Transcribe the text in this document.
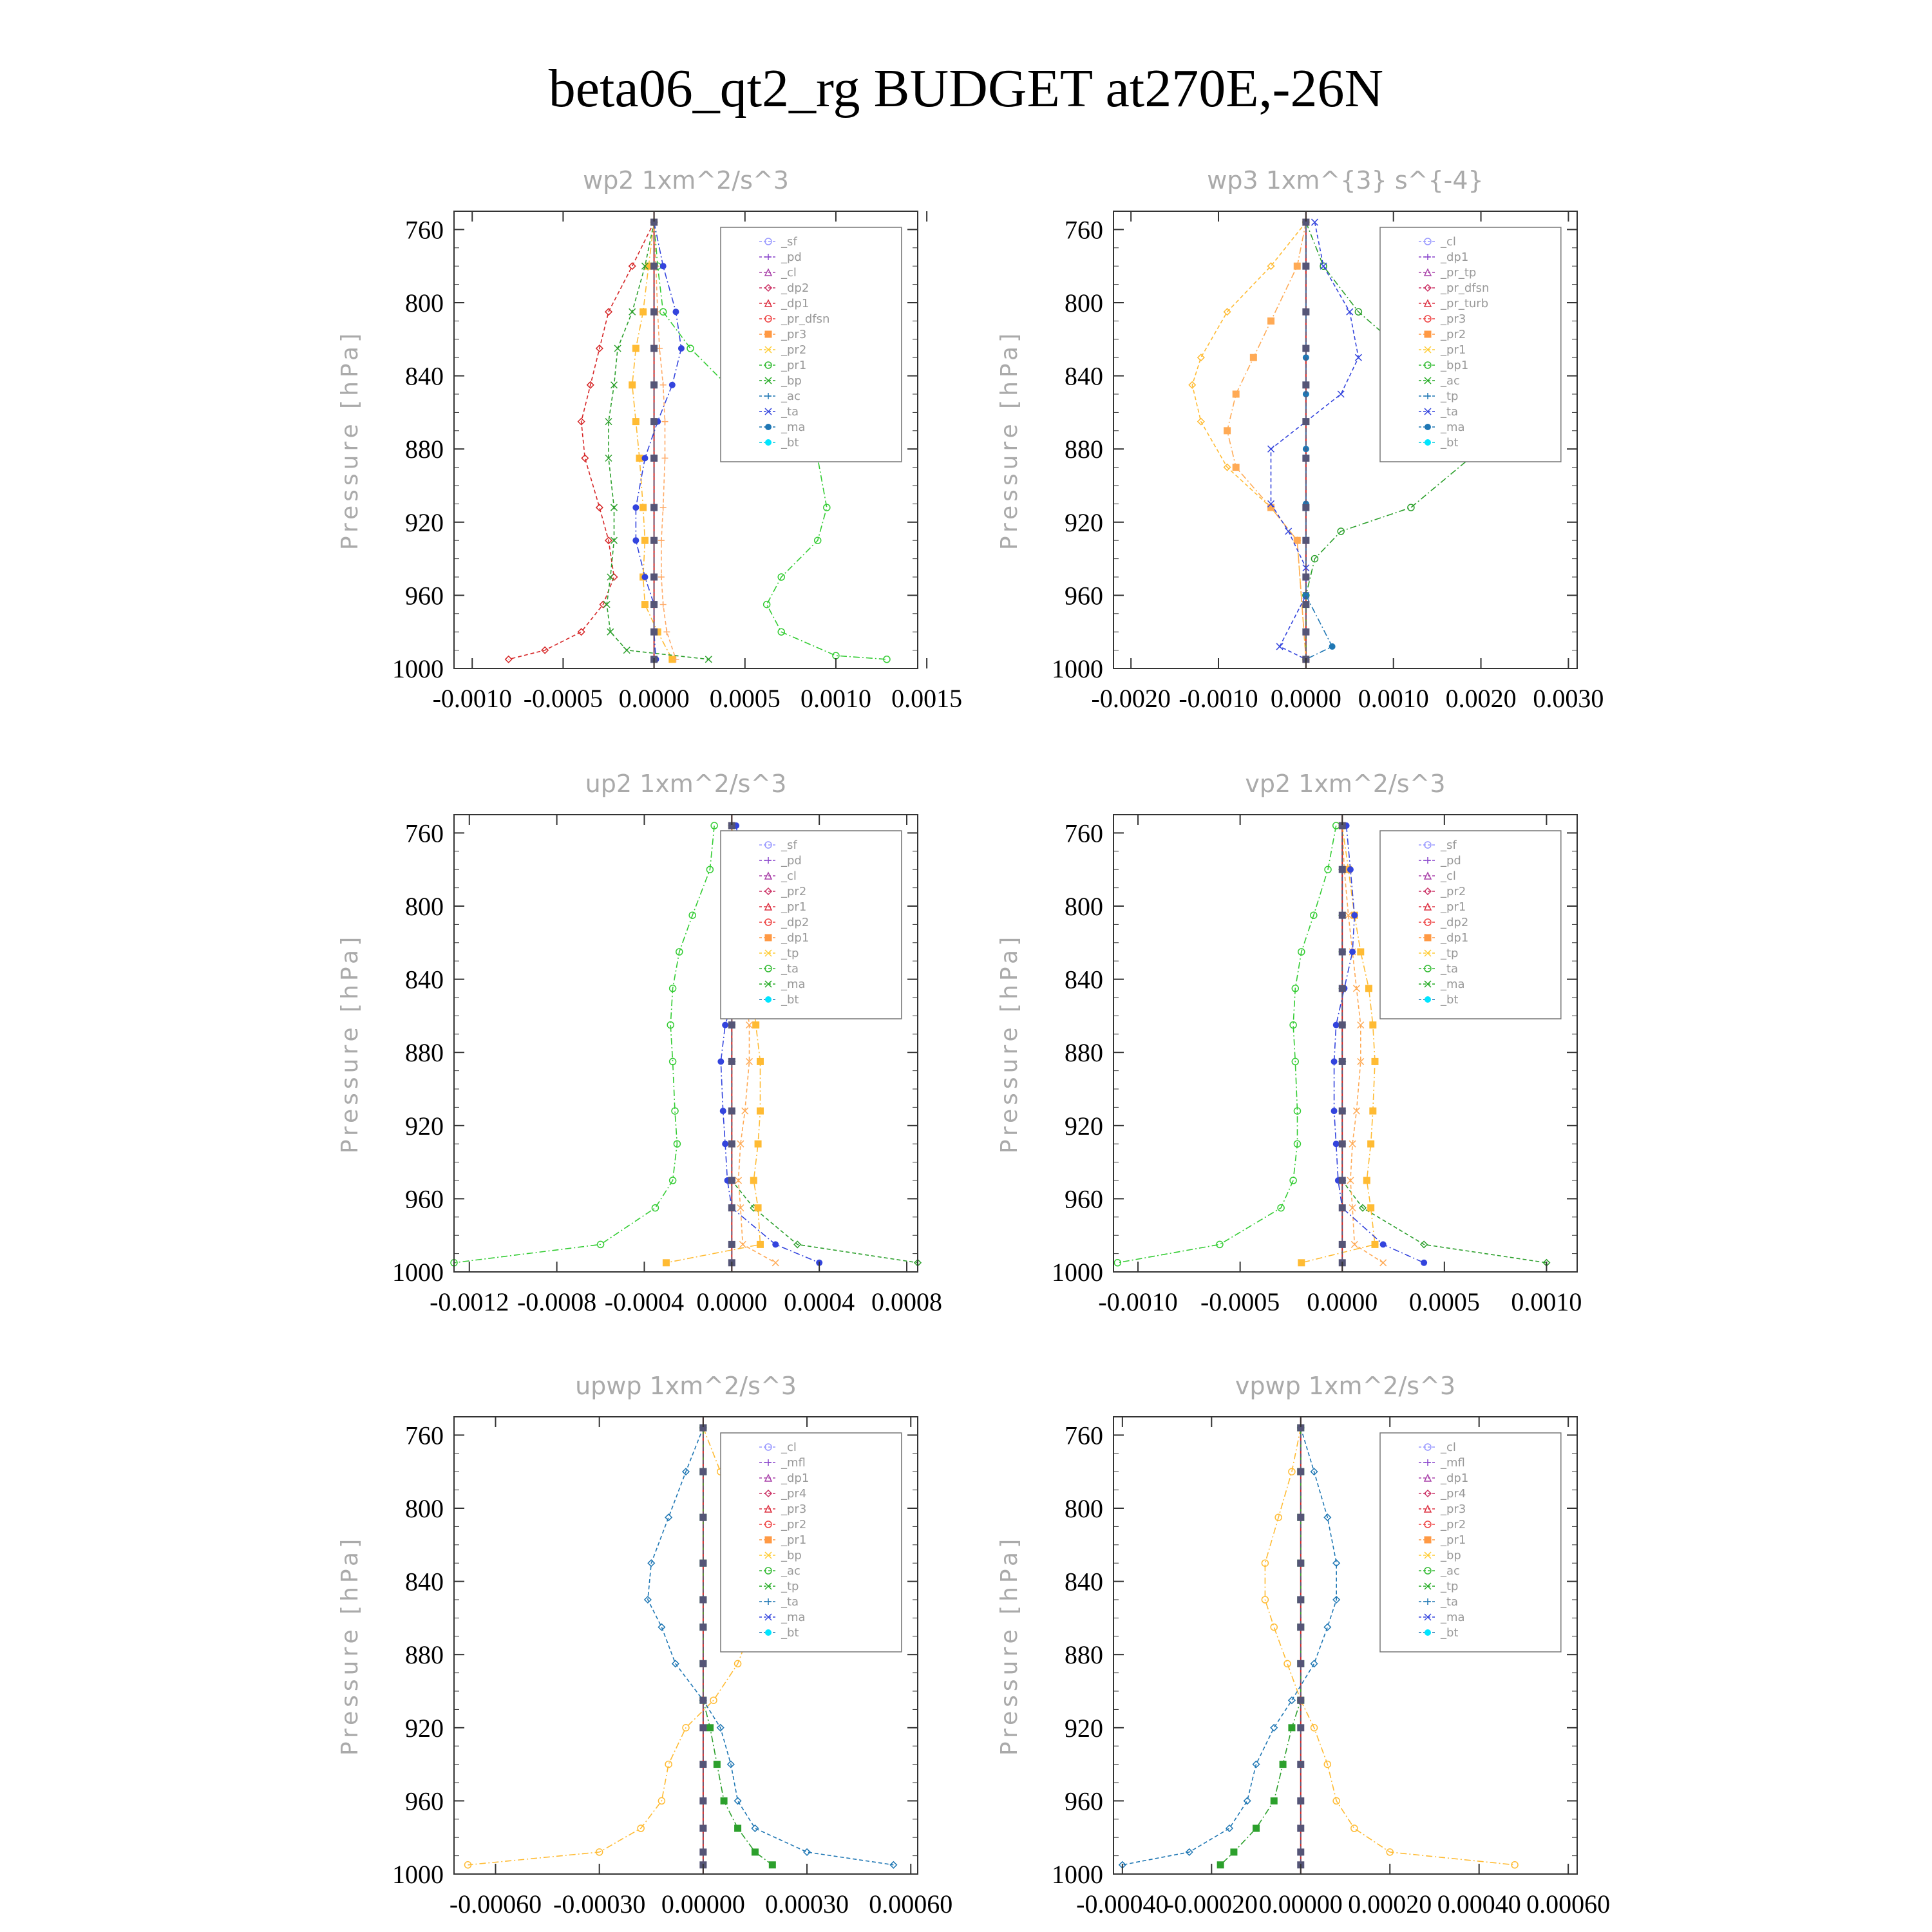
beta06_qt2_rg BUDGET at270E,-26N
wp2 1xm^2/s^3
Pressure [hPa]
760
800
840
880
920
960
1000
-0.0010 -0.0005 0.0000 0.0005 0.0010 0.0015
_sf
_pd
_cl
_dp2
_dp1
_pr_dfsn
_pr3
_pr2
_pr1
_bp
_ac
_ta
_ma
_bt
wp3 1xm^{3} s^{-4}
Pressure [hPa]
760
800
840
880
920
960
1000
-0.0020 -0.0010 0.0000 0.0010 0.0020 0.0030
_cl
_dp1
_pr_tp
_pr_dfsn
_pr_turb
_pr3
_pr2
_pr1
_bp1
_ac
_tp
_ta
_ma
_bt
up2 1xm^2/s^3
Pressure [hPa]
760
800
840
880
920
960
1000
-0.0012 -0.0008 -0.0004 0.0000 0.0004 0.0008
_sf
_pd
_cl
_pr2
_pr1
_dp2
_dp1
_tp
_ta
_ma
_bt
vp2 1xm^2/s^3
Pressure [hPa]
760
800
840
880
920
960
1000
-0.0010 -0.0005 0.0000 0.0005 0.0010
_sf
_pd
_cl
_pr2
_pr1
_dp2
_dp1
_tp
_ta
_ma
_bt
upwp 1xm^2/s^3
Pressure [hPa]
760
800
840
880
920
960
1000
-0.00060 -0.00030 0.00000 0.00030 0.00060
_cl
_mfl
_dp1
_pr4
_pr3
_pr2
_pr1
_bp
_ac
_tp
_ta
_ma
_bt
vpwp 1xm^2/s^3
Pressure [hPa]
760
800
840
880
920
960
1000
-0.00040
-0.00020 0.00000 0.00020 0.00040 0.00060
_cl
_mfl
_dp1
_pr4
_pr3
_pr2
_pr1
_bp
_ac
_tp
_ta
_ma
_bt
